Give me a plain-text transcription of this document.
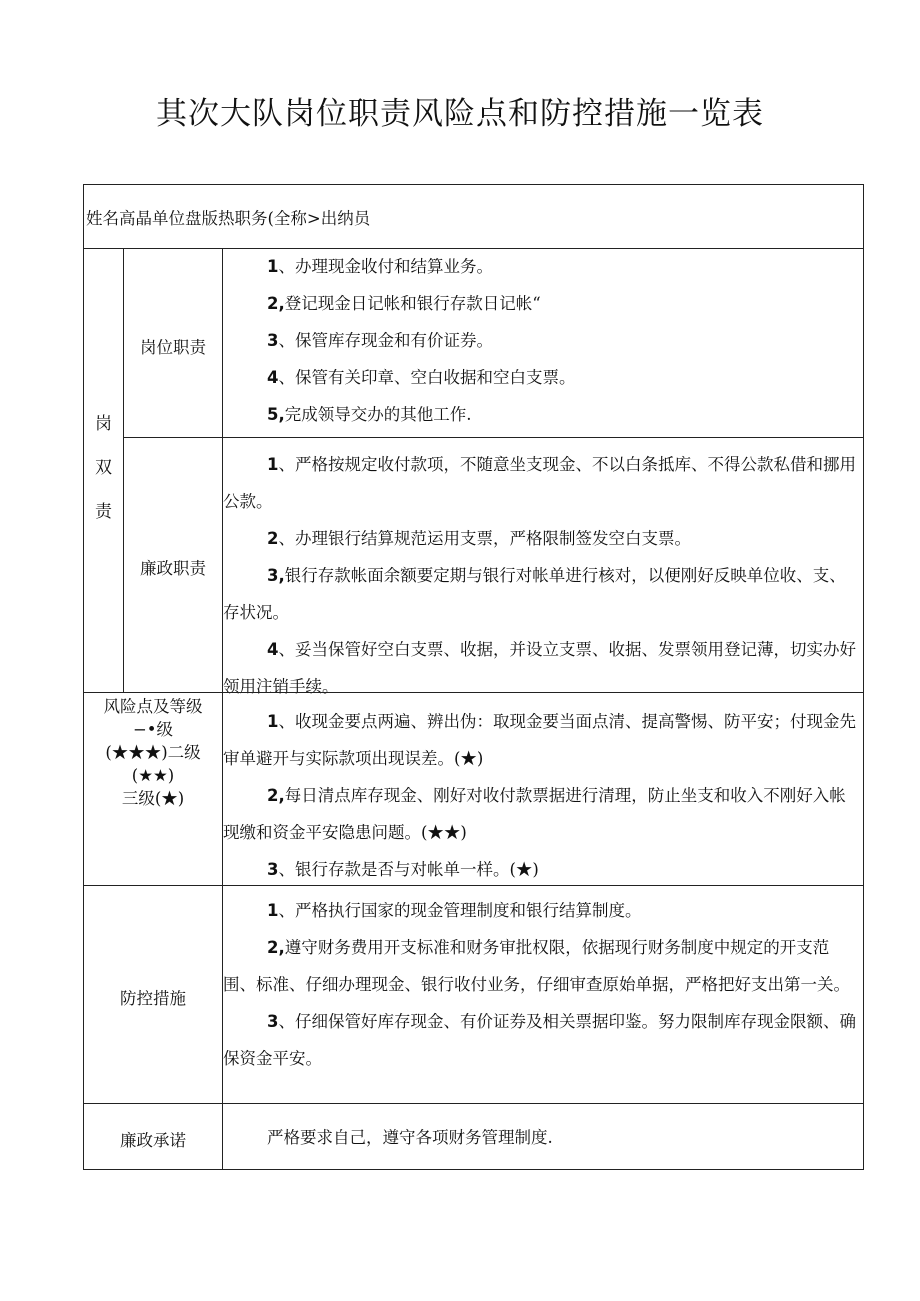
其次大队岗位职责风险点和防控措施一览表
姓名高晶单位盘版热职务(全称>出纳员
岗
双
责
岗位职责

1、办理现金收付和结算业务。

2,登记现金日记帐和银行存款日记帐“

3、保管库存现金和有价证券。

4、保管有关印章、空白收据和空白支票。

5,完成领导交办的其他工作.

廉政职责

1、严格按规定收付款项，不随意坐支现金、不以白条抵库、不得公款私借和挪用公款。

2、办理银行结算规范运用支票，严格限制签发空白支票。

3,银行存款帐面余额要定期与银行对帐单进行核对，以便刚好反映单位收、支、存状况。

4、妥当保管好空白支票、收据，并设立支票、收据、发票领用登记薄，切实办好领用注销手续。

风险点及等级
−•级
(★★★)二级
(★★)
三级(★)

1、收现金要点两遍、辨出伪：取现金要当面点清、提高警惕、防平安；付现金先审单避开与实际款项出现误差。(★)

2,每日清点库存现金、刚好对收付款票据进行清理，防止坐支和收入不刚好入帐现缴和资金平安隐患问题。(★★)

3、银行存款是否与对帐单一样。(★)

防控措施

1、严格执行国家的现金管理制度和银行结算制度。

2,遵守财务费用开支标准和财务审批权限，依据现行财务制度中规定的开支范围、标准、仔细办理现金、银行收付业务，仔细审查原始单据，严格把好支出第一关。

3、仔细保管好库存现金、有价证券及相关票据印鉴。努力限制库存现金限额、确保资金平安。

廉政承诺	严格要求自己，遵守各项财务管理制度.
